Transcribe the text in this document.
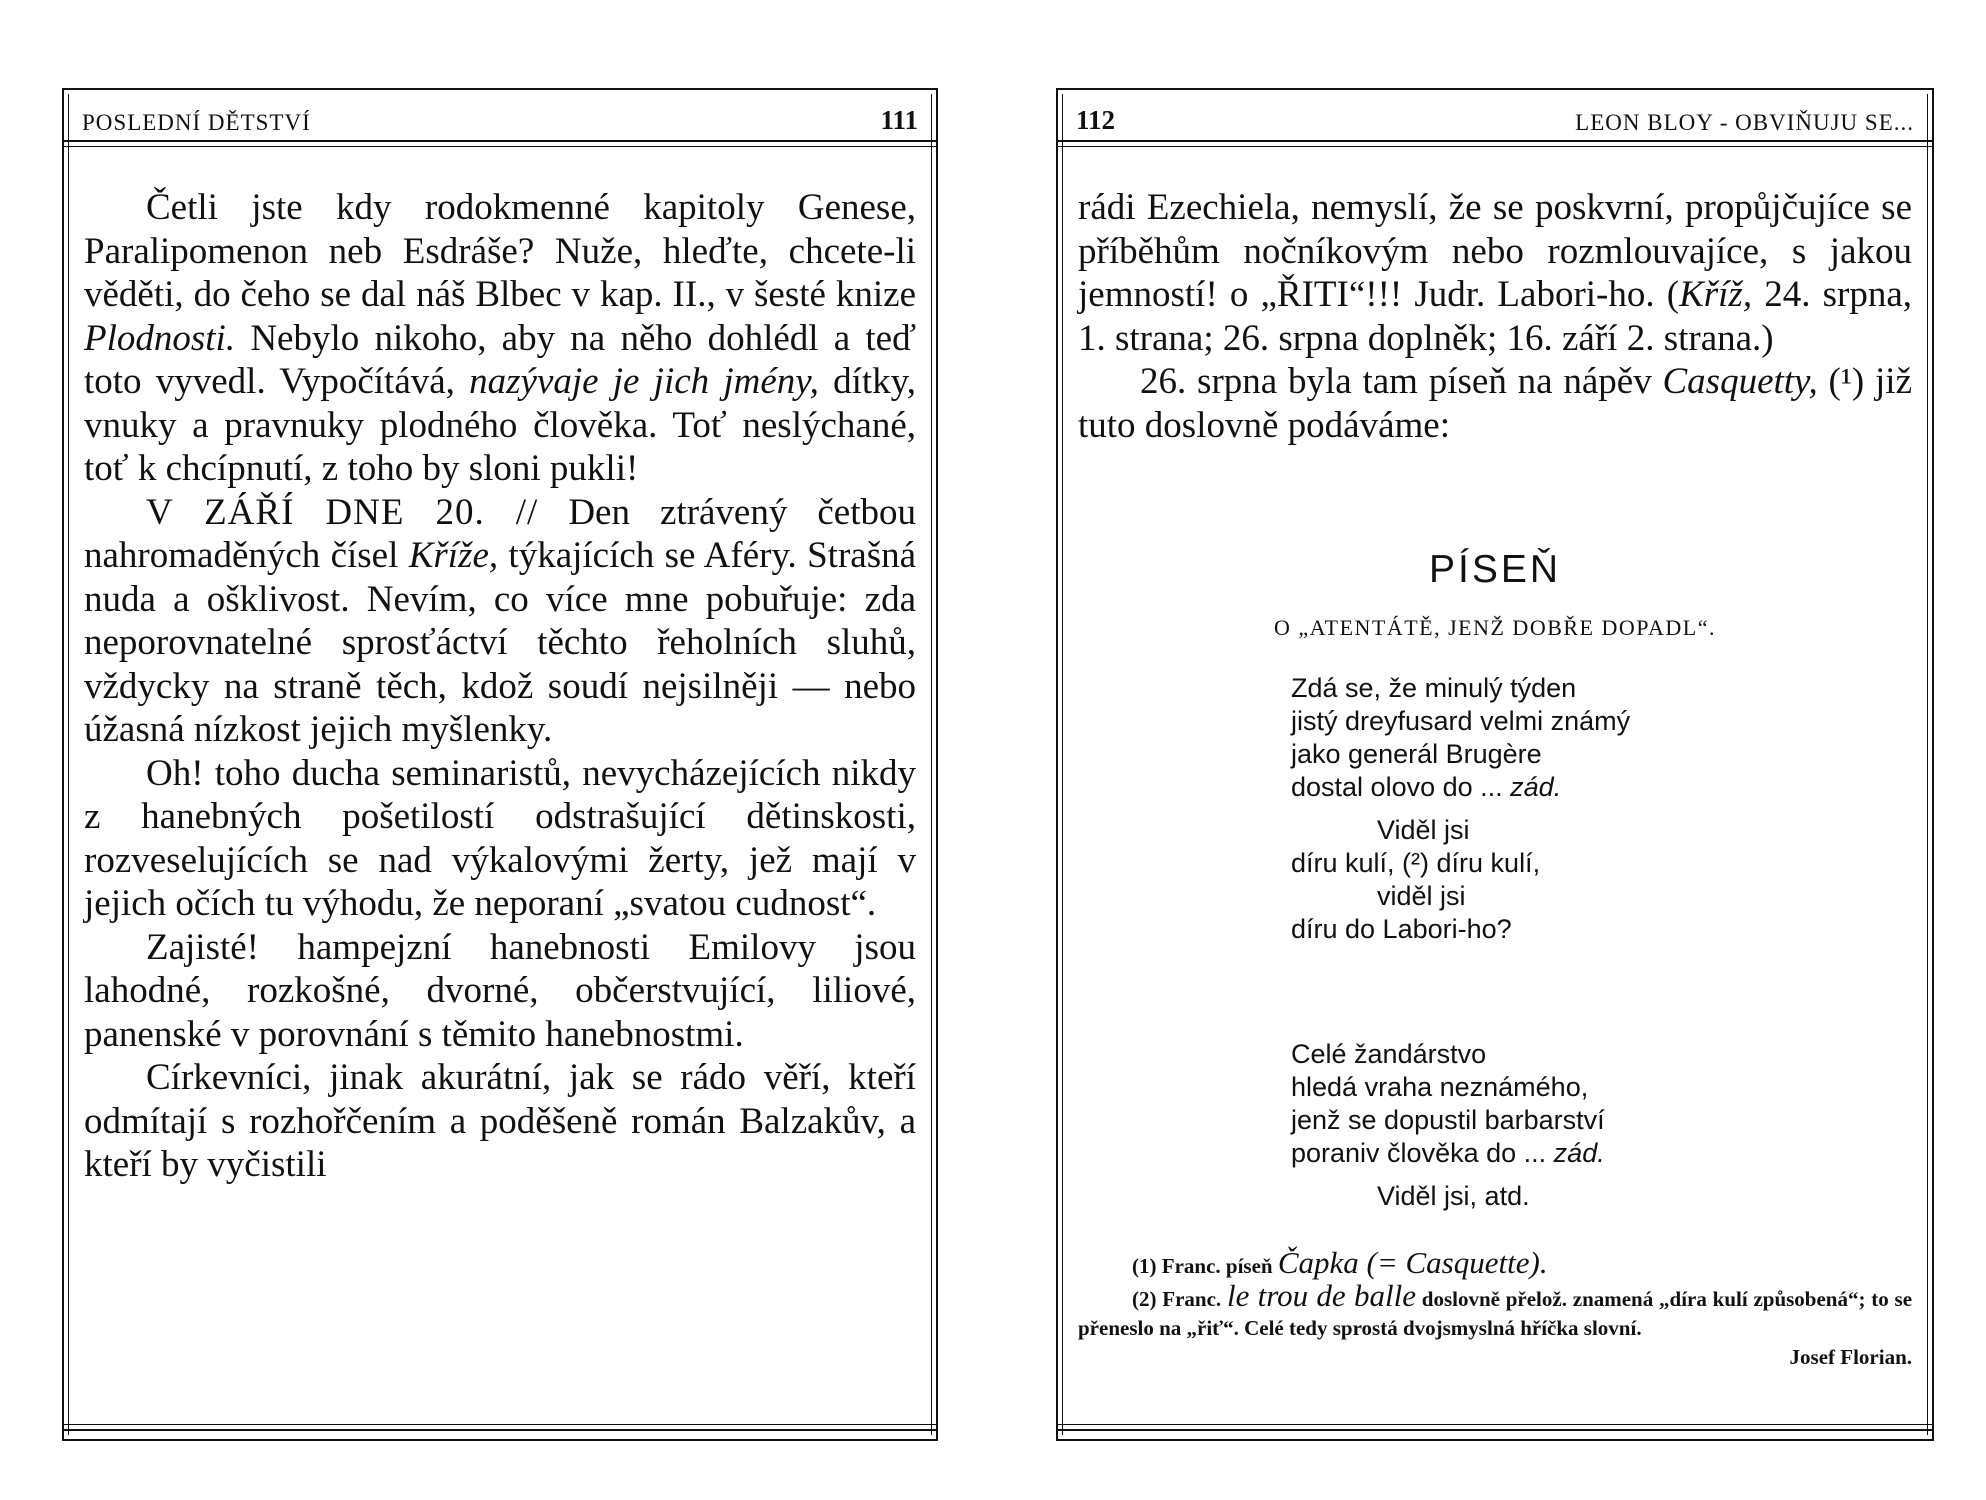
POSLEDNÍ DĚTSTVÍ	111

Četli jste kdy rodokmenné kapitoly Genese, Paralipomenon neb Esdráše? Nuže, hleďte, chcete-li věděti, do čeho se dal náš Blbec v kap. II., v šesté knize Plodnosti. Nebylo nikoho, aby na něho dohlédl a teď toto vyvedl. Vypočítává, nazývaje je jich jmény, dítky, vnuky a pravnuky plodného člověka. Toť neslýchané, toť k chcípnutí, z toho by sloni pukli!

V ZÁŘÍ DNE 20. // Den ztrávený četbou nahromaděných čísel Kříže, týkajících se Aféry. Strašná nuda a ošklivost. Nevím, co více mne pobuřuje: zda neporovnatelné sprosťáctví těchto řeholních sluhů, vždycky na straně těch, kdož soudí nejsilněji — nebo úžasná nízkost jejich myšlenky.

Oh! toho ducha seminaristů, nevycházejících nikdy z hanebných pošetilostí odstrašující dětinskosti, rozveselujících se nad výkalovými žerty, jež mají v jejich očích tu výhodu, že neporaní „svatou cudnost“.

Zajisté! hampejzní hanebnosti Emilovy jsou lahodné, rozkošné, dvorné, občerstvující, liliové, panenské v porovnání s těmito hanebnostmi.

Církevníci, jinak akurátní, jak se rádo věří, kteří odmítají s rozhořčením a poděšeně román Balzakův, a kteří by vyčistili

112	LEON BLOY - OBVIŇUJU SE...

rádi Ezechiela, nemyslí, že se poskvrní, propůjčujíce se příběhům nočníkovým nebo rozmlouvajíce, s jakou jemností! o „ŘITI“!!! Judr. Labori-ho. (Kříž, 24. srpna, 1. strana; 26. srpna doplněk; 16. září 2. strana.)

26. srpna byla tam píseň na nápěv Casquetty, (¹) již tuto doslovně podáváme:

PÍSEŇ
O „ATENTÁTĚ, JENŽ DOBŘE DOPADL“.
Zdá se, že minulý týden
jistý dreyfusard velmi známý
jako generál Brugère
dostal olovo do ... zád.
Viděl jsi
díru kulí, (²) díru kulí,
viděl jsi
díru do Labori-ho?
Celé žandárstvo
hledá vraha neznámého,
jenž se dopustil barbarství
poraniv člověka do ... zád.
Viděl jsi, atd.
(1) Franc. píseň Čapka (= Casquette).
(2) Franc. le trou de balle doslovně přelož. znamená „díra kulí způsobená“; to se přeneslo na „řiť“. Celé tedy sprostá dvojsmyslná hříčka slovní.
Josef Florian.
